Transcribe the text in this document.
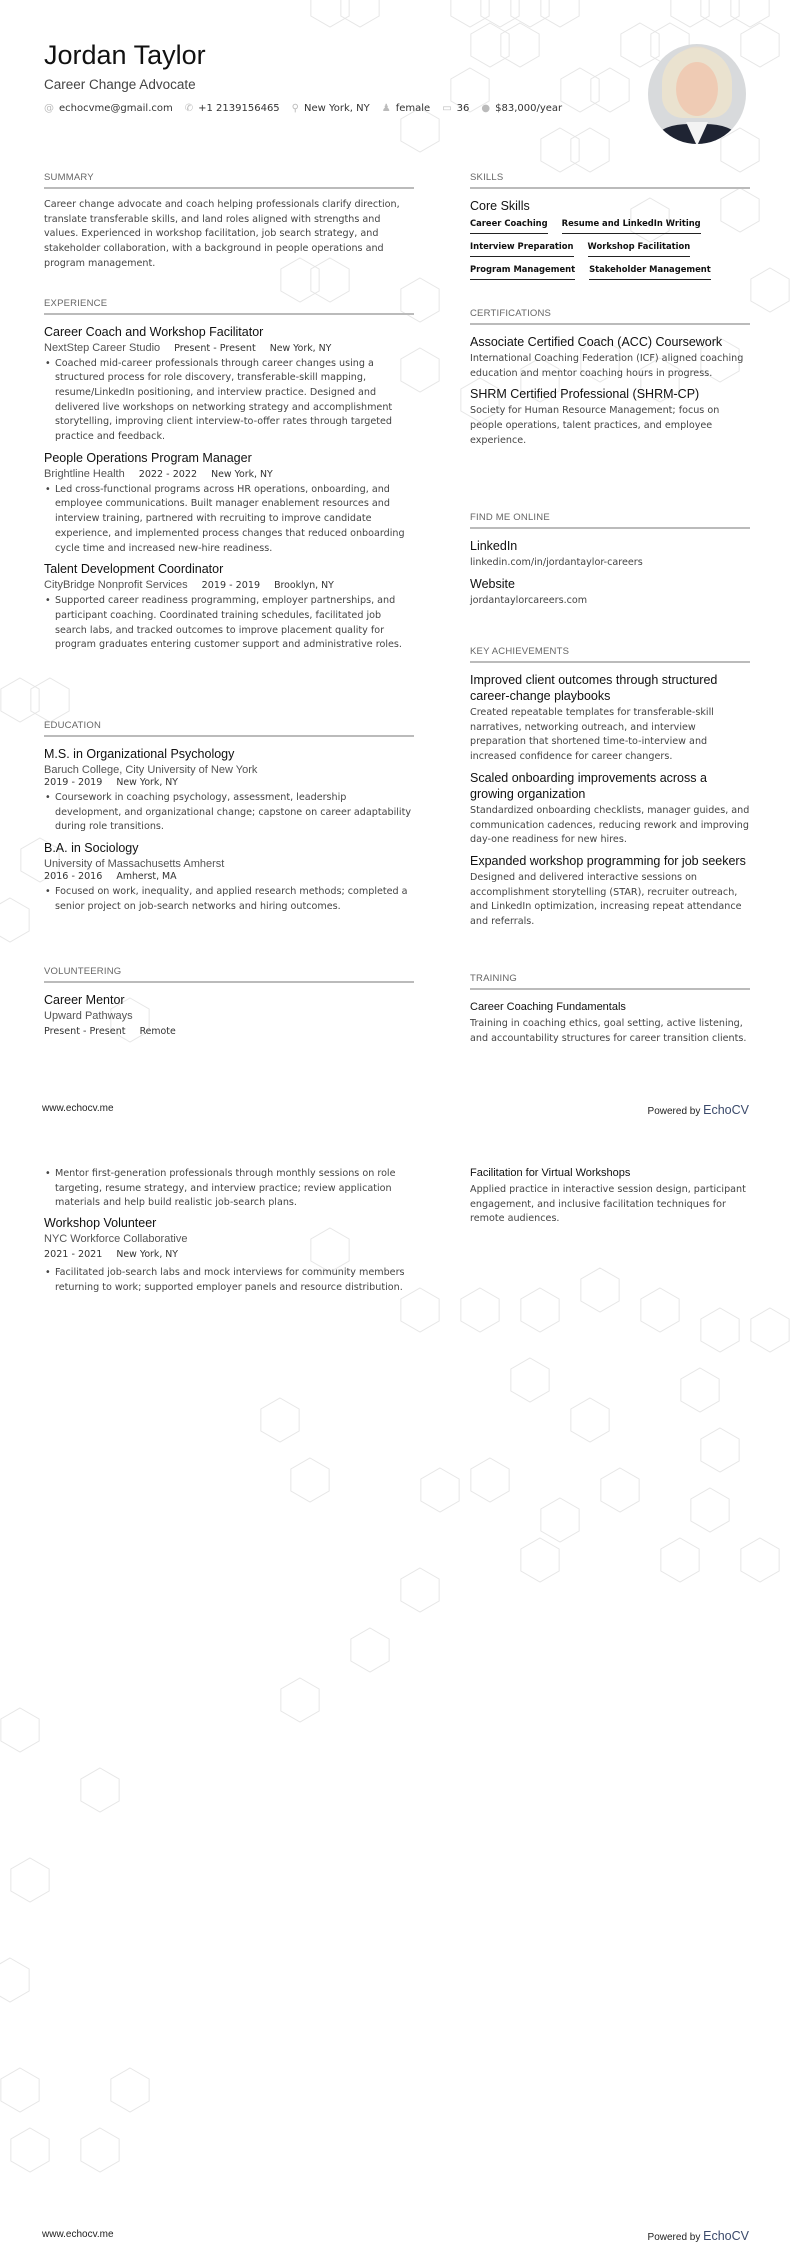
Jordan Taylor
Career Change Advocate
@ echocvme@gmail.com ✆ +1 2139156465 ⚲ New York, NY ♟ female ▭ 36 ● $83,000/year
SUMMARY

Career change advocate and coach helping professionals clarify direction, translate transferable skills, and land roles aligned with strengths and values. Experienced in workshop facilitation, job search strategy, and stakeholder collaboration, with a background in people operations and program management.

EXPERIENCE
Career Coach and Workshop Facilitator
NextStep Career Studio Present - Present New York, NY
• Coached mid-career professionals through career changes using a structured process for role discovery, transferable-skill mapping, resume/LinkedIn positioning, and interview practice. Designed and delivered live workshops on networking strategy and accomplishment storytelling, improving client interview-to-offer rates through targeted practice and feedback.
People Operations Program Manager
Brightline Health 2022 - 2022 New York, NY
• Led cross-functional programs across HR operations, onboarding, and employee communications. Built manager enablement resources and interview training, partnered with recruiting to improve candidate experience, and implemented process changes that reduced onboarding cycle time and increased new-hire readiness.
Talent Development Coordinator
CityBridge Nonprofit Services 2019 - 2019 Brooklyn, NY
• Supported career readiness programming, employer partnerships, and participant coaching. Coordinated training schedules, facilitated job search labs, and tracked outcomes to improve placement quality for program graduates entering customer support and administrative roles.
EDUCATION
M.S. in Organizational Psychology
Baruch College, City University of New York
2019 - 2019 New York, NY
• Coursework in coaching psychology, assessment, leadership development, and organizational change; capstone on career adaptability during role transitions.
B.A. in Sociology
University of Massachusetts Amherst
2016 - 2016 Amherst, MA
• Focused on work, inequality, and applied research methods; completed a senior project on job-search networks and hiring outcomes.
VOLUNTEERING
Career Mentor
Upward Pathways
Present - Present Remote
SKILLS
Core Skills
Career Coaching Resume and LinkedIn Writing
Interview Preparation Workshop Facilitation
Program Management Stakeholder Management
CERTIFICATIONS
Associate Certified Coach (ACC) Coursework

International Coaching Federation (ICF) aligned coaching education and mentor coaching hours in progress.

SHRM Certified Professional (SHRM-CP)

Society for Human Resource Management; focus on people operations, talent practices, and employee experience.

FIND ME ONLINE
LinkedIn
linkedin.com/in/jordantaylor-careers
Website
jordantaylorcareers.com
KEY ACHIEVEMENTS
Improved client outcomes through structured career-change playbooks

Created repeatable templates for transferable-skill narratives, networking outreach, and interview preparation that shortened time-to-interview and increased confidence for career changers.

Scaled onboarding improvements across a growing organization

Standardized onboarding checklists, manager guides, and communication cadences, reducing rework and improving day-one readiness for new hires.

Expanded workshop programming for job seekers

Designed and delivered interactive sessions on accomplishment storytelling (STAR), recruiter outreach, and LinkedIn optimization, increasing repeat attendance and referrals.

TRAINING
Career Coaching Fundamentals

Training in coaching ethics, goal setting, active listening, and accountability structures for career transition clients.

www.echocv.me	Powered by EchoCV
• Mentor first-generation professionals through monthly sessions on role targeting, resume strategy, and interview practice; review application materials and help build realistic job-search plans.
Workshop Volunteer
NYC Workforce Collaborative
2021 - 2021 New York, NY
• Facilitated job-search labs and mock interviews for community members returning to work; supported employer panels and resource distribution.
Facilitation for Virtual Workshops

Applied practice in interactive session design, participant engagement, and inclusive facilitation techniques for remote audiences.

www.echocv.me	Powered by EchoCV
